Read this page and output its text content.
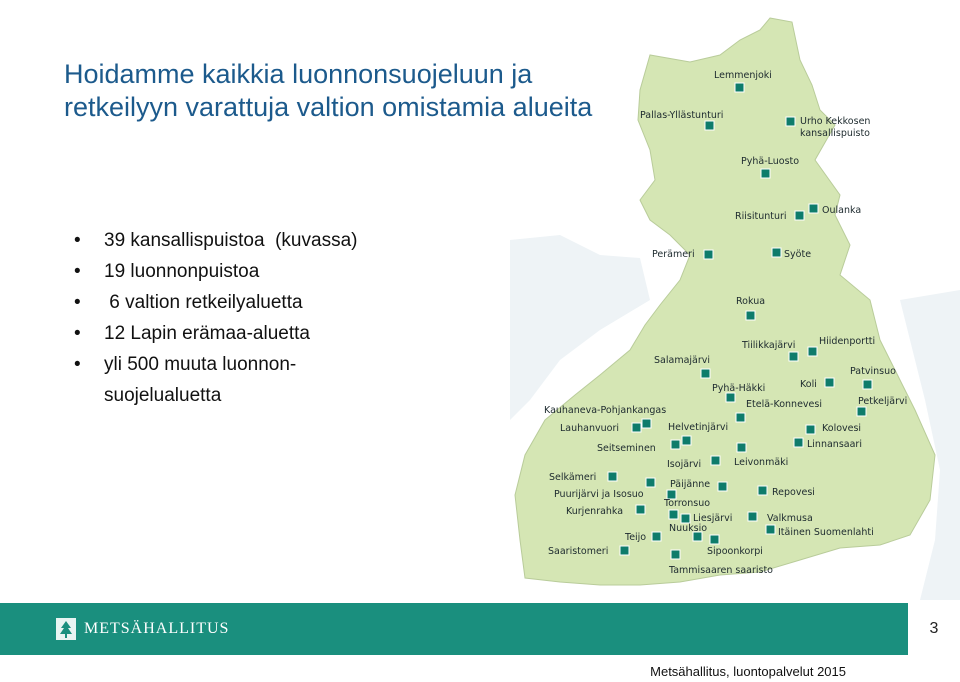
Hoidamme kaikkia luonnonsuojeluun ja retkeilyyn varattuja valtion omistamia alueita
• 39 kansallispuistoa  (kuvassa)
• 19 luonnonpuistoa
•  6 valtion retkeilyaluetta
• 12 Lapin erämaa-aluetta
• yli 500 muuta luonnon-
suojelualuetta
Lemmenjoki
Pallas-Yllästunturi
Urho Kekkosen
kansallispuisto
Pyhä-Luosto
Riisitunturi
Oulanka
Perämeri	Syöte
Rokua
Tiilikkajärvi Hiidenportti
Salamajärvi
Patvinsuo
Pyhä-Häkki	Koli
Etelä-Konnevesi	Petkeljärvi
Kauhaneva-Pohjankangas
Lauhanvuori	Helvetinjärvi	Kolovesi
Seitseminen	Linnansaari
Isojärvi	Leivonmäki
Selkämeri
Päijänne
Puurijärvi ja Isosuo	Repovesi
Torronsuo
Kurjenrahka
Liesjärvi	Valkmusa
Itäinen Suomenlahti
Nuuksio
Teijo
Saaristomeri	Sipoonkorpi
Tammisaaren saaristo
METSÄHALLITUS	3
Metsähallitus, luontopalvelut 2015
